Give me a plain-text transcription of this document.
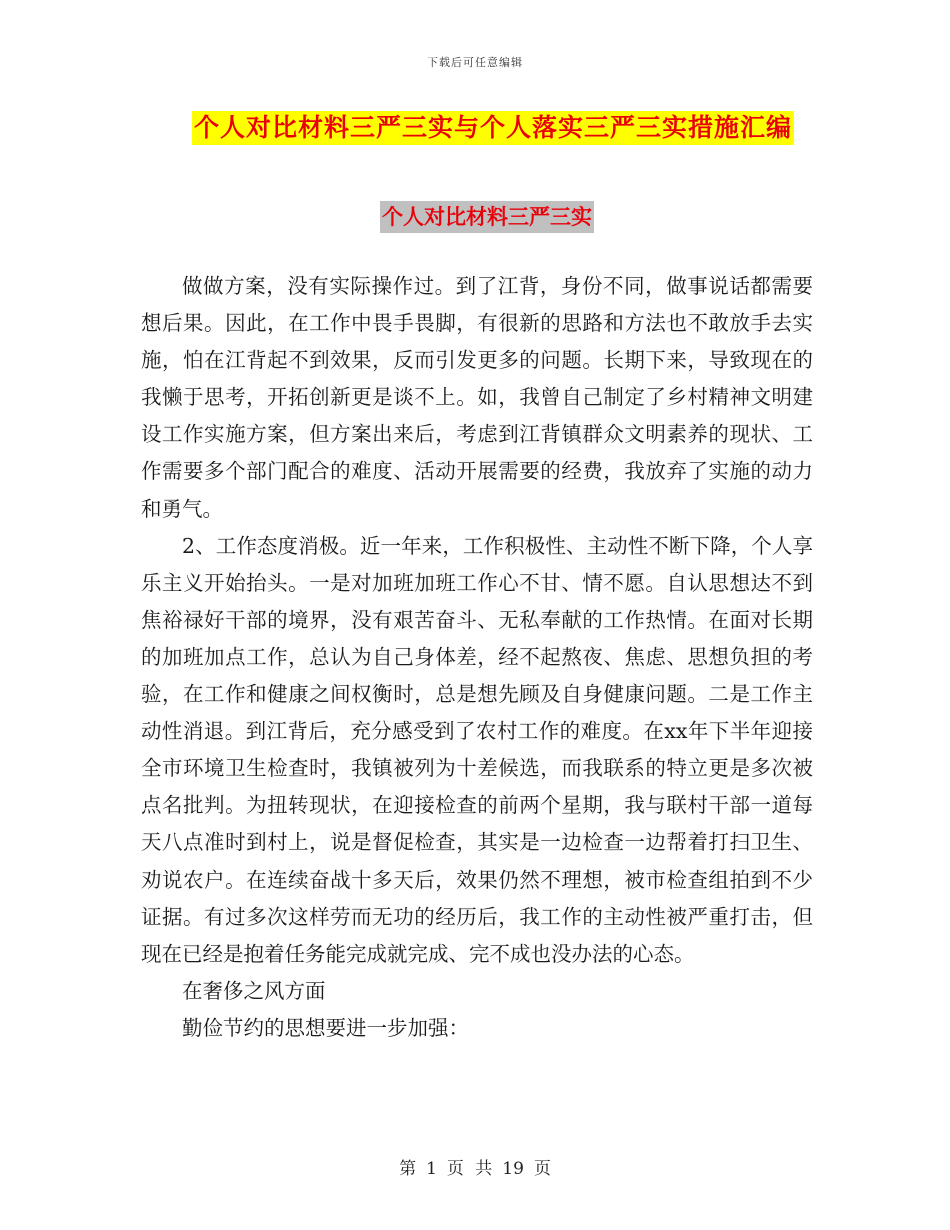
下载后可任意编辑
个人对比材料三严三实与个人落实三严三实措施汇编
个人对比材料三严三实

做做方案，没有实际操作过。到了江背，身份不同，做事说话都需要想后果。因此，在工作中畏手畏脚，有很新的思路和方法也不敢放手去实施，怕在江背起不到效果，反而引发更多的问题。长期下来，导致现在的我懒于思考，开拓创新更是谈不上。如，我曾自己制定了乡村精神文明建设工作实施方案，但方案出来后，考虑到江背镇群众文明素养的现状、工作需要多个部门配合的难度、活动开展需要的经费，我放弃了实施的动力和勇气。

2、工作态度消极。近一年来，工作积极性、主动性不断下降，个人享乐主义开始抬头。一是对加班加班工作心不甘、情不愿。自认思想达不到焦裕禄好干部的境界，没有艰苦奋斗、无私奉献的工作热情。在面对长期的加班加点工作，总认为自己身体差，经不起熬夜、焦虑、思想负担的考验，在工作和健康之间权衡时，总是想先顾及自身健康问题。二是工作主动性消退。到江背后，充分感受到了农村工作的难度。在xx年下半年迎接全市环境卫生检查时，我镇被列为十差候选，而我联系的特立更是多次被点名批判。为扭转现状，在迎接检查的前两个星期，我与联村干部一道每天八点准时到村上，说是督促检查，其实是一边检查一边帮着打扫卫生、劝说农户。在连续奋战十多天后，效果仍然不理想，被市检查组拍到不少证据。有过多次这样劳而无功的经历后，我工作的主动性被严重打击，但现在已经是抱着任务能完成就完成、完不成也没办法的心态。

在奢侈之风方面

勤俭节约的思想要进一步加强：

第 1 页 共 19 页
